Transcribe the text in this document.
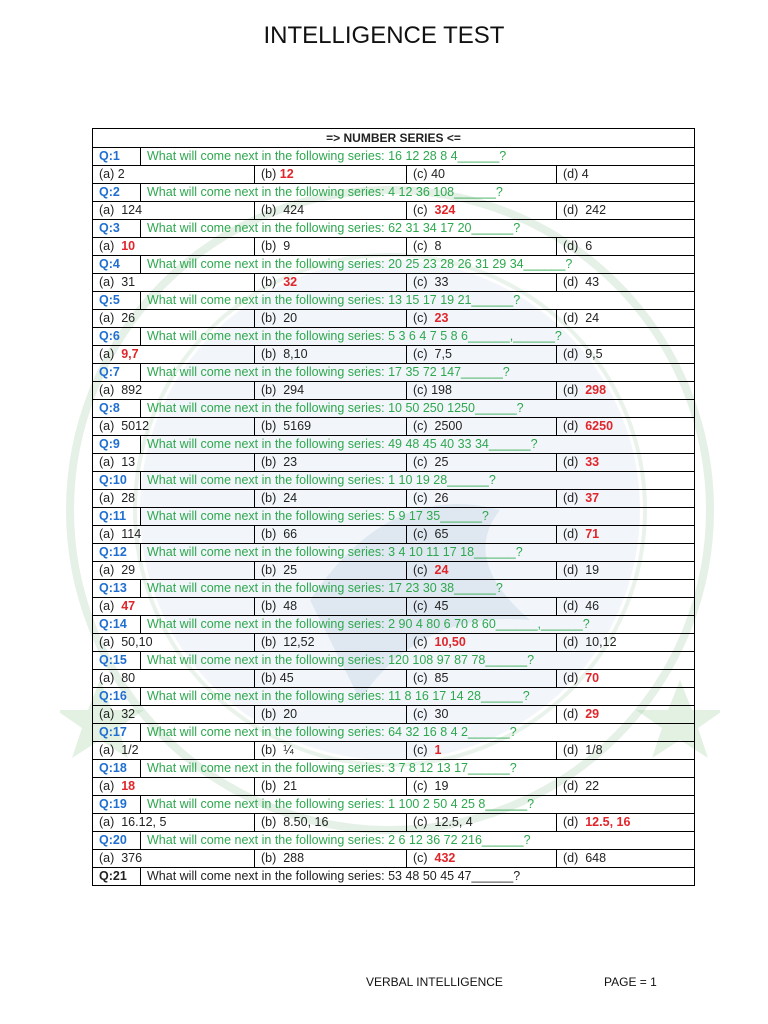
INTELLIGENCE TEST
=> NUMBER SERIES <=
Q:1	What will come next in the following series: 16 12 28 8 4______?
(a) 2	(b) 12	(c) 40	(d) 4
Q:2	What will come next in the following series: 4 12 36 108______?
(a)  124	(b)  424	(c)  324	(d)  242
Q:3	What will come next in the following series: 62 31 34 17 20______?
(a)  10	(b)  9	(c)  8	(d)  6
Q:4	What will come next in the following series: 20 25 23 28 26 31 29 34______?
(a)  31	(b)  32	(c)  33	(d)  43
Q:5	What will come next in the following series: 13 15 17 19 21______?
(a)  26	(b)  20	(c)  23	(d)  24
Q:6	What will come next in the following series: 5 3 6 4 7 5 8 6______,______?
(a)  9,7	(b)  8,10	(c)  7,5	(d)  9,5
Q:7	What will come next in the following series: 17 35 72 147______?
(a)  892	(b)  294	(c) 198	(d)  298
Q:8	What will come next in the following series: 10 50 250 1250______?
(a)  5012	(b)  5169	(c)  2500	(d)  6250
Q:9	What will come next in the following series: 49 48 45 40 33 34______?
(a)  13	(b)  23	(c)  25	(d)  33
Q:10	What will come next in the following series: 1 10 19 28______?
(a)  28	(b)  24	(c)  26	(d)  37
Q:11	What will come next in the following series: 5 9 17 35______?
(a)  114	(b)  66	(c)  65	(d)  71
Q:12	What will come next in the following series: 3 4 10 11 17 18______?
(a)  29	(b)  25	(c)  24	(d)  19
Q:13	What will come next in the following series: 17 23 30 38______?
(a)  47	(b)  48	(c)  45	(d)  46
Q:14	What will come next in the following series: 2 90 4 80 6 70 8 60______,______?
(a)  50,10	(b)  12,52	(c)  10,50	(d)  10,12
Q:15	What will come next in the following series: 120 108 97 87 78______?
(a)  80	(b) 45	(c)  85	(d)  70
Q:16	What will come next in the following series: 11 8 16 17 14 28______?
(a)  32	(b)  20	(c)  30	(d)  29
Q:17	What will come next in the following series: 64 32 16 8 4 2______?
(a)  1/2	(b)  ¼	(c)  1	(d)  1/8
Q:18	What will come next in the following series: 3 7 8 12 13 17______?
(a)  18	(b)  21	(c)  19	(d)  22
Q:19	What will come next in the following series: 1 100 2 50 4 25 8______?
(a)  16.12, 5	(b)  8.50, 16	(c)  12.5, 4	(d)  12.5, 16
Q:20	What will come next in the following series: 2 6 12 36 72 216______?
(a)  376	(b)  288	(c)  432	(d)  648
Q:21	What will come next in the following series: 53 48 50 45 47______?
VERBAL INTELLIGENCE	PAGE = 1
